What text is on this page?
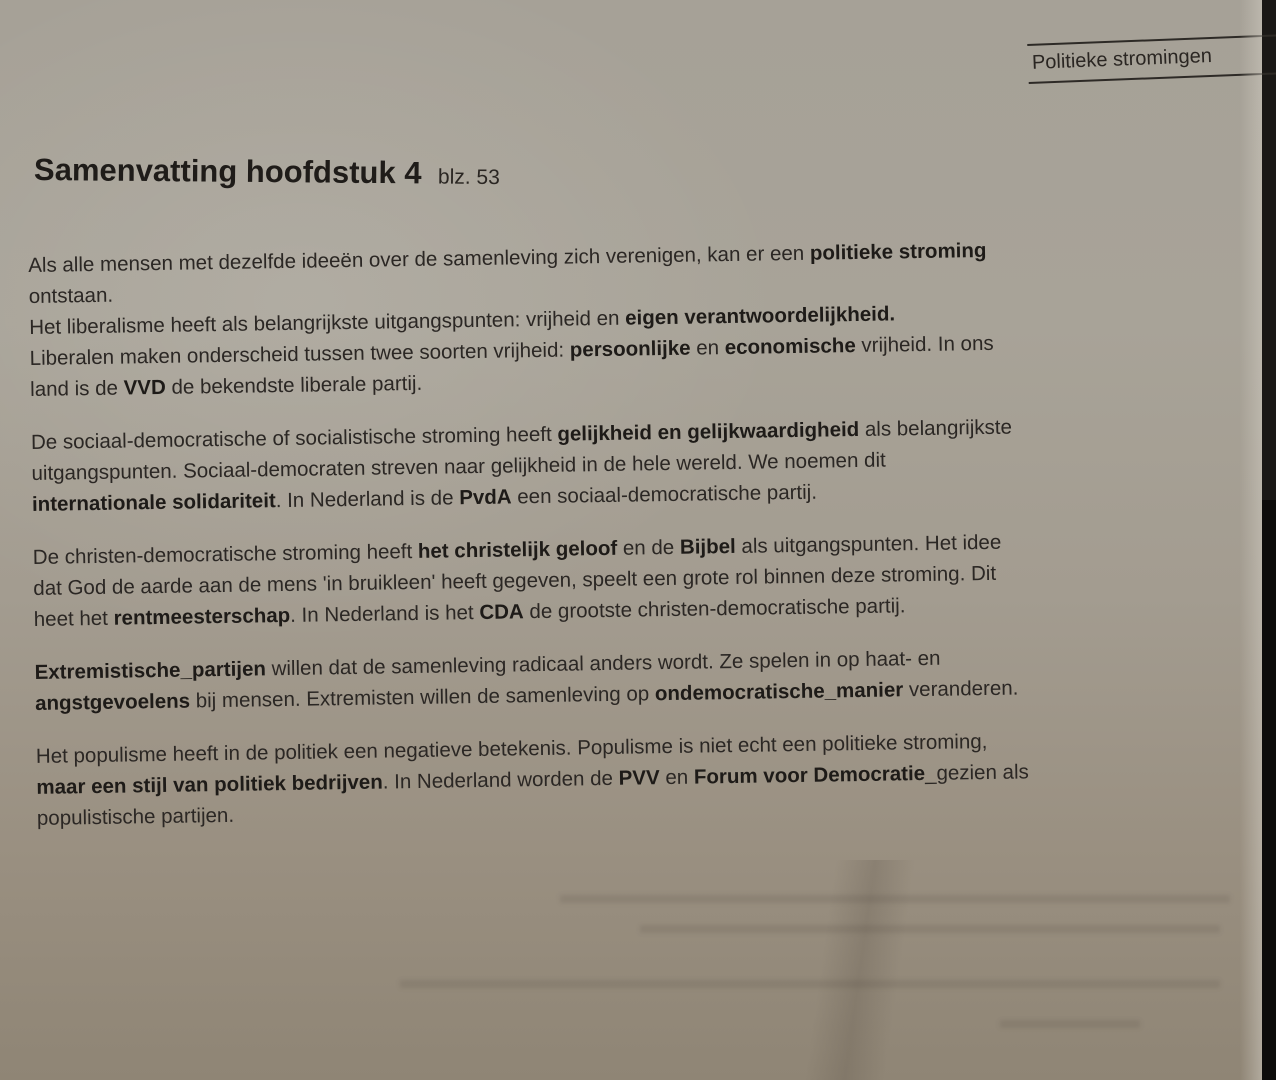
Politieke stromingen
Samenvatting hoofdstuk 4 blz. 53
Als alle mensen met dezelfde ideeën over de samenleving zich verenigen, kan er een politieke stroming
ontstaan.
Het liberalisme heeft als belangrijkste uitgangspunten: vrijheid en eigen verantwoordelijkheid.
Liberalen maken onderscheid tussen twee soorten vrijheid: persoonlijke en economische vrijheid. In ons
land is de VVD de bekendste liberale partij.
De sociaal-democratische of socialistische stroming heeft gelijkheid en gelijkwaardigheid als belangrijkste
uitgangspunten. Sociaal-democraten streven naar gelijkheid in de hele wereld. We noemen dit
internationale solidariteit. In Nederland is de PvdA een sociaal-democratische partij.
De christen-democratische stroming heeft het christelijk geloof en de Bijbel als uitgangspunten. Het idee
dat God de aarde aan de mens 'in bruikleen' heeft gegeven, speelt een grote rol binnen deze stroming. Dit
heet het rentmeesterschap. In Nederland is het CDA de grootste christen-democratische partij.
Extremistische_partijen willen dat de samenleving radicaal anders wordt. Ze spelen in op haat- en
angstgevoelens bij mensen. Extremisten willen de samenleving op ondemocratische_manier veranderen.
Het populisme heeft in de politiek een negatieve betekenis. Populisme is niet echt een politieke stroming,
maar een stijl van politiek bedrijven. In Nederland worden de PVV en Forum voor Democratie_gezien als
populistische partijen.
